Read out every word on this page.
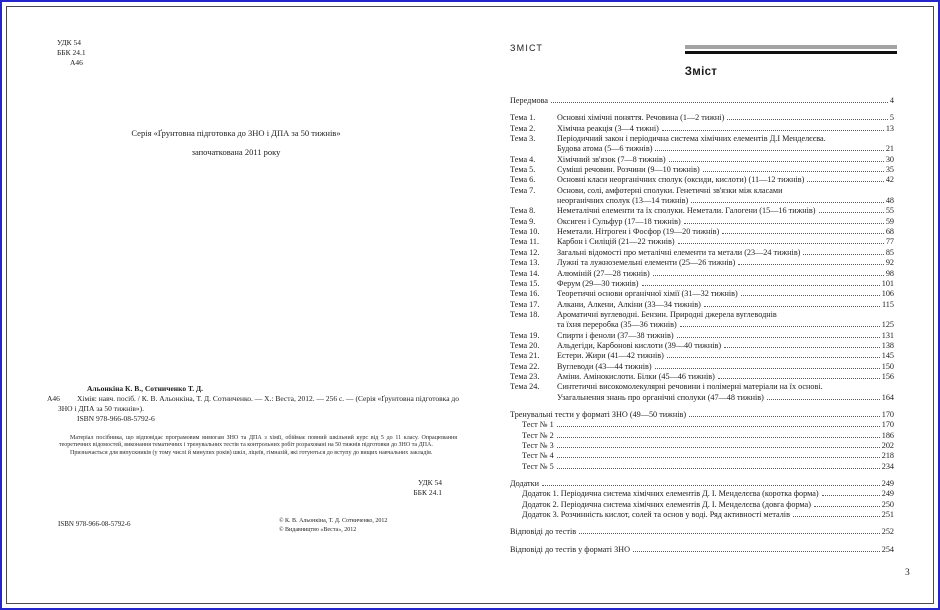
УДК 54
ББК 24.1
А46
Серія «Ґрунтовна підготовка до ЗНО і ДПА за 50 тижнів»
започаткована 2011 року
Альонкіна К. В., Сотниченко Т. Д.
А46 Хімія: навч. посіб. / К. В. Альонкіна, Т. Д. Сотниченко. — Х.: Веста, 2012. — 256 с. — (Серія «Ґрунтовна підготовка до ЗНО і ДПА за 50 тижнів»).
ISBN 978-966-08-5792-6

Матеріал посібника, що відповідає програмовим вимогам ЗНО та ДПА з хімії, обіймає повний шкільний курс від 5 до 11 класу. Опрацювання теоретичних відомостей, виконання тематичних і тренувальних тестів та контрольних робіт розраховані на 50 тижнів підготовки до ЗНО та ДПА.

Призначається для випускників (у тому числі й минулих років) шкіл, ліцеїв, гімназій, які готуються до вступу до вищих навчальних закладів.

УДК 54
ББК 24.1
ISBN 978-966-08-5792-6	© К. В. Альонкіна, Т. Д. Сотниченко, 2012
© Видавництво «Веста», 2012
ЗМІСТ
Зміст
Передмова	4
Тема 1.	Основні хімічні поняття. Речовина (1—2 тижні)	5
Тема 2.	Хімічна реакція (3—4 тижні)	13
Тема 3.	Періодичний закон і періодична система хімічних елементів Д.І Менделєєва.
Будова атома (5—6 тижнів)	21
Тема 4.	Хімічний зв'язок (7—8 тижнів)	30
Тема 5.	Суміші речовин. Розчини (9—10 тижнів)	35
Тема 6.	Основні класи неорганічних сполук (оксиди, кислоти) (11—12 тижнів)	42
Тема 7.	Основи, солі, амфотерні сполуки. Генетичні зв'язки між класами
неорганічних сполук (13—14 тижнів)	48
Тема 8.	Неметалічні елементи та їх сполуки. Неметали. Галогени (15—16 тижнів)	55
Тема 9.	Оксиген і Сульфур (17—18 тижнів)	59
Тема 10.	Неметали. Нітроген і Фосфор (19—20 тижнів)	68
Тема 11.	Карбон і Силіцій (21—22 тижнів)	77
Тема 12.	Загальні відомості про металічні елементи та метали (23—24 тижнів)	85
Тема 13.	Лужні та лужноземельні елементи (25—26 тижнів)	92
Тема 14.	Алюміній (27—28 тижнів)	98
Тема 15.	Ферум (29—30 тижнів)	101
Тема 16.	Теоретичні основи органічної хімії (31—32 тижнів)	106
Тема 17.	Алкани, Алкени, Алкіни (33—34 тижнів)	115
Тема 18.	Ароматичні вуглеводні. Бензин. Природні джерела вуглеводнів
та їхня переробка (35—36 тижнів)	125
Тема 19.	Спирти і феноли (37—38 тижнів)	131
Тема 20.	Альдегіди, Карбонові кислоти (39—40 тижнів)	138
Тема 21.	Естери. Жири (41—42 тижнів)	145
Тема 22.	Вуглеводи (43—44 тижнів)	150
Тема 23.	Аміни. Амінокислоти. Білки (45—46 тижнів)	156
Тема 24.	Синтетичні високомолекулярні речовини і полімерні матеріали на їх основі.
Узагальнення знань про органічні сполуки (47—48 тижнів)	164
Тренувальні тести у форматі ЗНО (49—50 тижнів)	170
Тест № 1	170
Тест № 2	186
Тест № 3	202
Тест № 4	218
Тест № 5	234
Додатки	249
Додаток 1. Періодична система хімічних елементів Д. І. Менделєєва (коротка форма)	249
Додаток 2. Періодична система хімічних елементів Д. І. Менделєєва (довга форма)	250
Додаток 3. Розчинність кислот, солей та основ у воді. Ряд активності металів	251
Відповіді до тестів	252
Відповіді до тестів у форматі ЗНО	254
3
